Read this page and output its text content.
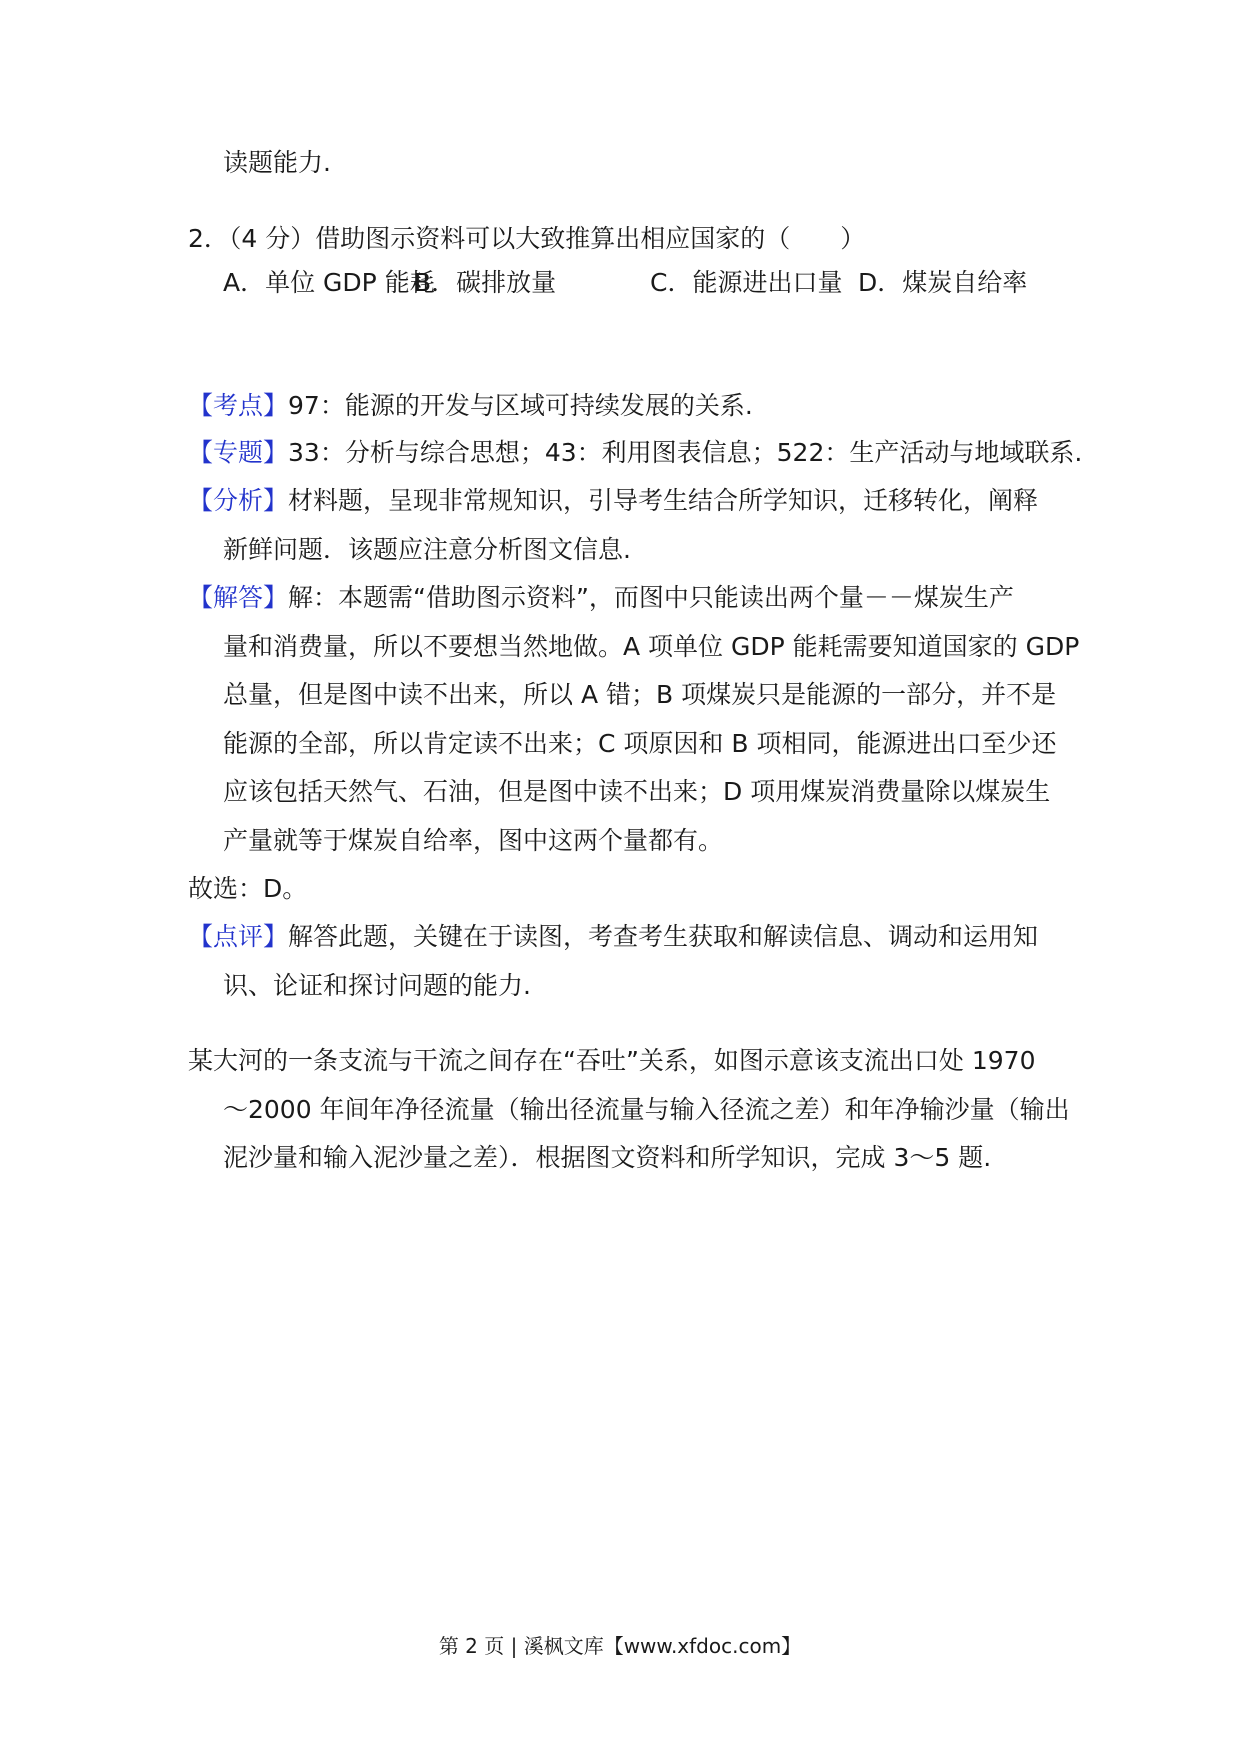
读题能力.
2．（4 分）借助图示资料可以大致推算出相应国家的（　　）
A．单位 GDP 能耗
B．碳排放量	C．能源进出口量 D．煤炭自给率
【考点】97：能源的开发与区域可持续发展的关系.
【专题】33：分析与综合思想；43：利用图表信息；522：生产活动与地域联系.
【分析】材料题，呈现非常规知识，引导考生结合所学知识，迁移转化，阐释
新鲜问题．该题应注意分析图文信息.
【解答】解：本题需“借助图示资料”，而图中只能读出两个量－－煤炭生产
量和消费量，所以不要想当然地做。A 项单位 GDP 能耗需要知道国家的 GDP
总量，但是图中读不出来，所以 A 错；B 项煤炭只是能源的一部分，并不是
能源的全部，所以肯定读不出来；C 项原因和 B 项相同，能源进出口至少还
应该包括天然气、石油，但是图中读不出来；D 项用煤炭消费量除以煤炭生
产量就等于煤炭自给率，图中这两个量都有。
故选：D。
【点评】解答此题，关键在于读图，考查考生获取和解读信息、调动和运用知
识、论证和探讨问题的能力.
某大河的一条支流与干流之间存在“吞吐”关系，如图示意该支流出口处 1970
～2000 年间年净径流量（输出径流量与输入径流之差）和年净输沙量（输出
泥沙量和输入泥沙量之差）．根据图文资料和所学知识，完成 3～5 题.
第 2 页 | 溪枫文库【www.xfdoc.com】
